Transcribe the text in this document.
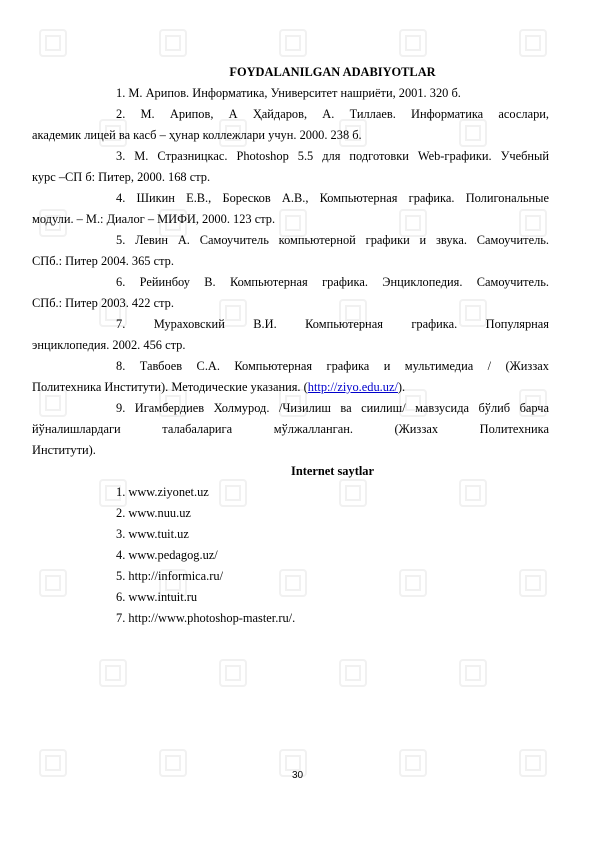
FOYDALANILGAN ADABIYOTLAR

1. М. Арипов. Информатика, Университет нашриёти, 2001. 320 б.
2. М. Арипов, А Ҳайдаров, А. Тиллаев. Информатика асослари,
академик лицей ва касб – ҳунар коллежлари учун. 2000. 238 б.
3. М. Стразницкас. Photoshop 5.5 для подготовки Web-графики. Учебный
курс –СП б: Питер, 2000. 168 стр.
4. Шикин Е.В., Боресков А.В., Компьютерная графика. Полигональные
модули. – М.: Диалог – МИФИ, 2000. 123 стр.
5. Левин А. Самоучитель компьютерной графики и звука. Самоучитель.
СПб.: Питер 2004. 365 стр.
6. Рейинбоу В. Компьютерная графика. Энциклопедия. Самоучитель.
СПб.: Питер 2003. 422 стр.
7. Мураховский В.И. Компьютерная графика. Популярная
энциклопедия. 2002. 456 стр.
8. Тавбоев С.А. Компьютерная графика и мультимедиа / (Жиззах
Политехника Институти). Методические указания. (http://ziyo.edu.uz/).
9. Игамбердиев Холмурод. /Чизилиш ва сиилиш/ мавзусида бўлиб барча
йўналишлардаги талабаларига мўлжалланган. (Жиззах Политехника
Институти).

Internet saytlar

1. www.ziyonet.uz

2. www.nuu.uz

3. www.tuit.uz

4. www.pedagog.uz/

5. http://informica.ru/

6. www.intuit.ru

7. http://www.photoshop-master.ru/.

30
